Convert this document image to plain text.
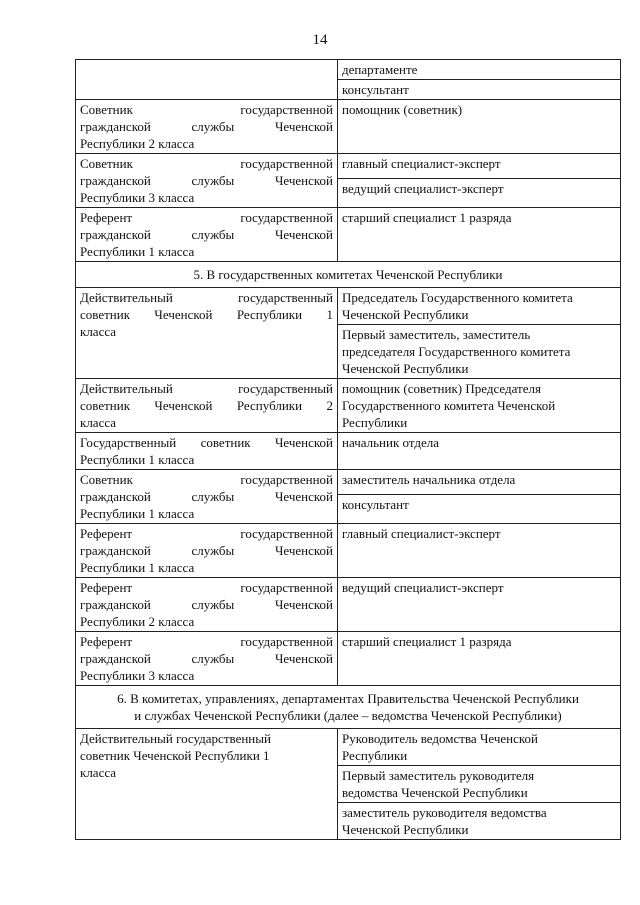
14

	департаменте

	консультант

Советник государственной
гражданской службы Чеченской
Республики 2 класса	помощник (советник)

Советник государственной
гражданской службы Чеченской
Республики 3 класса	главный специалист-эксперт

	ведущий специалист-эксперт

Референт государственной
гражданской службы Чеченской
Республики 1 класса	старший специалист 1 разряда

5. В государственных комитетах Чеченской Республики	

Действительный государственный
советник Чеченской Республики 1
класса	Председатель Государственного комитета
Чеченской Республики

	Первый заместитель, заместитель
председателя Государственного комитета
Чеченской Республики

Действительный государственный
советник Чеченской Республики 2
класса	помощник (советник) Председателя
Государственного комитета Чеченской
Республики

Государственный советник Чеченской
Республики 1 класса	начальник отдела

Советник государственной
гражданской службы Чеченской
Республики 1 класса	заместитель начальника отдела

	консультант

Референт государственной
гражданской службы Чеченской
Республики 1 класса	главный специалист-эксперт

Референт государственной
гражданской службы Чеченской
Республики 2 класса	ведущий специалист-эксперт

Референт государственной
гражданской службы Чеченской
Республики 3 класса	старший специалист 1 разряда

6. В комитетах, управлениях, департаментах Правительства Чеченской Республики
и службах Чеченской Республики (далее – ведомства Чеченской Республики)	

Действительный государственный
советник Чеченской Республики 1
класса	Руководитель ведомства Чеченской
Республики

	Первый заместитель руководителя
ведомства Чеченской Республики

	заместитель руководителя ведомства
Чеченской Республики
